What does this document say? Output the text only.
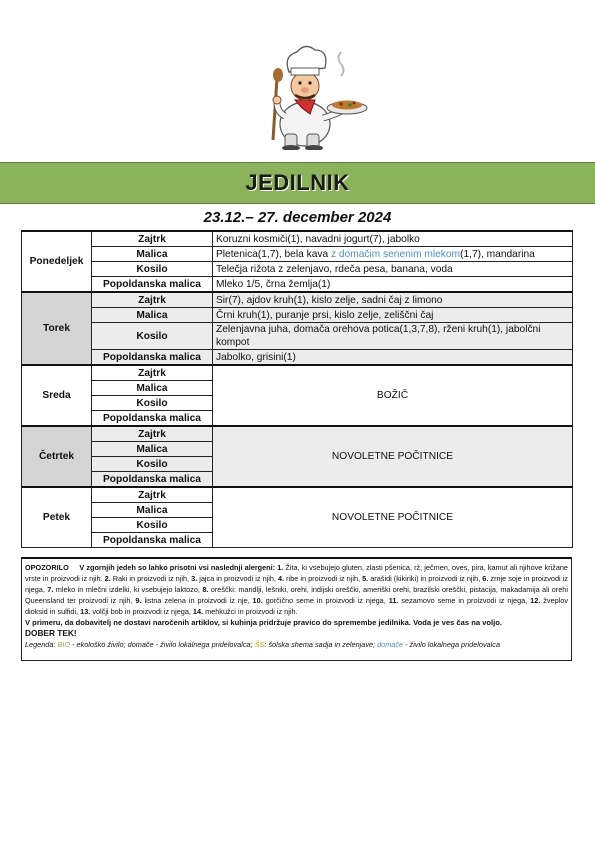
JEDILNIK
23.12.– 27. december 2024
Ponedeljek	Zajtrk	Koruzni kosmiči(1), navadni jogurt(7), jabolko
	Malica	Pletenica(1,7), bela kava z domačim senenim mlekom(1,7), mandarina
	Kosilo	Telečja rižota z zelenjavo, rdeča pesa, banana, voda
	Popoldanska malica	Mleko 1/5, črna žemlja(1)
Torek	Zajtrk	Sir(7), ajdov kruh(1), kislo zelje, sadni čaj z limono
	Malica	Črni kruh(1), puranje prsi, kislo zelje, zeliščni čaj
	Kosilo	Zelenjavna juha, domača orehova potica(1,3,7,8), rženi kruh(1), jabolčni kompot
	Popoldanska malica	Jabolko, grisini(1)
Sreda	Zajtrk	BOŽIČ
	Malica	
	Kosilo	
	Popoldanska malica	
Četrtek	Zajtrk	NOVOLETNE POČITNICE
	Malica	
	Kosilo	
	Popoldanska malica	
Petek	Zajtrk	NOVOLETNE POČITNICE
	Malica	
	Kosilo	
	Popoldanska malica	

OPOZORILO V zgornjih jedeh so lahko prisotni vsi naslednji alergeni: 1. Žita, ki vsebujejo gluten, zlasti pšenica, rž, ječmen, oves, pira, kamut ali njihove križane vrste in proizvodi iz njih. 2. Raki in proizvodi iz njih, 3. jajca in proizvodi iz njih, 4. ribe in proizvodi iz njih, 5. arašidi (kikiriki) in proizvodi iz njih, 6. zrnje soje in proizvodi iz njega, 7. mleko in mlečni izdelki, ki vsebujejo laktozo, 8. oreščki: mandlji, lešniki, orehi, indijski oreščki, ameriški orehi, brazilski oreščki, pistacija, makadamija ali orehi Queensland ter proizvodi iz njih, 9. listna zelena in proizvodi iz nje, 10. gorčično seme in proizvodi iz njega, 11. sezamovo seme in proizvodi iz njega, 12. žveplov dioksid in sulfidi, 13. volčji bob in proizvodi iz njega, 14. mehkužci in proizvodi iz njih.

V primeru, da dobavitelj ne dostavi naročenih artiklov, si kuhinja pridržuje pravico do spremembe jedilnika. Voda je ves čas na voljo.

DOBER TEK!

Legenda: BIO - ekološko živilo; domače - živilo lokalnega pridelovalca; ŠS: šolska shema sadja in zelenjave; domače - živilo lokalnega pridelovalca
